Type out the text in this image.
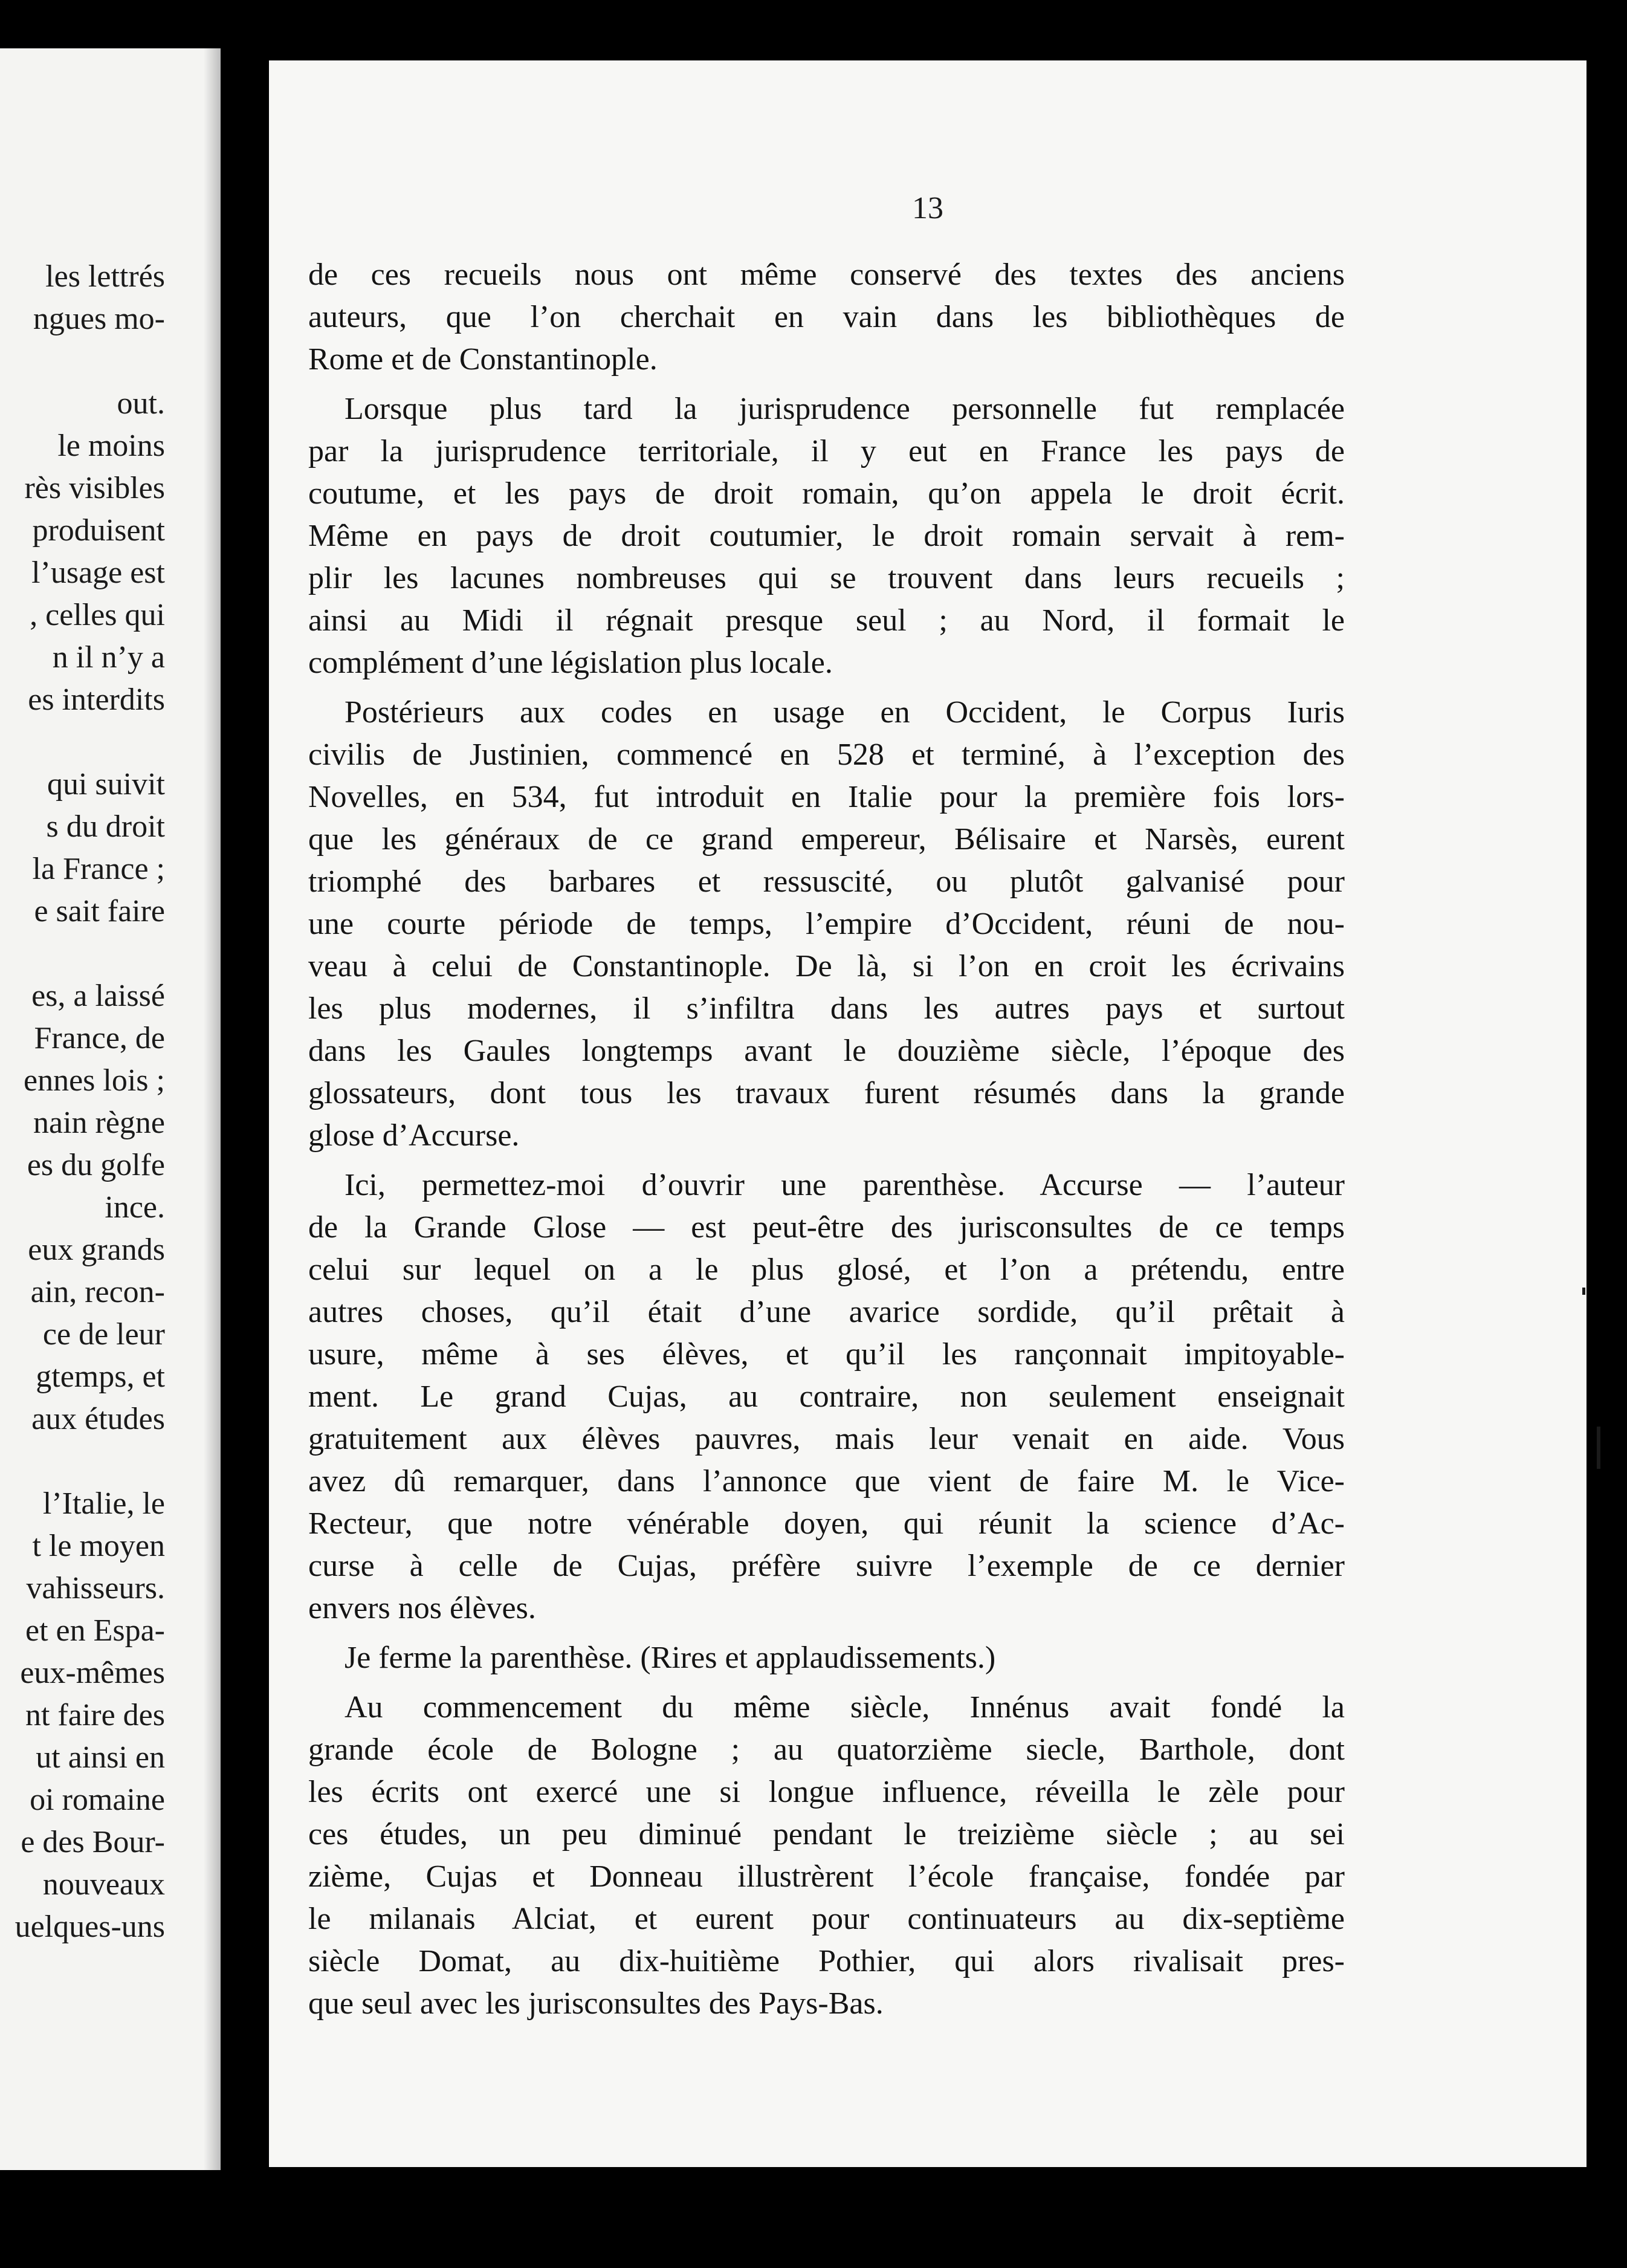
les lettrés
ngues mo-
out.
le moins
rès visibles
produisent
l’usage est
, celles qui
n il n’y a
es interdits
qui suivit
s du droit
la France ;
e sait faire
es, a laissé
France, de
ennes lois ;
nain règne
es du golfe
ince.
eux grands
ain, recon-
ce de leur
gtemps, et
aux études
l’Italie, le
t le moyen
vahisseurs.
et en Espa-
eux-mêmes
nt faire des
ut ainsi en
oi romaine
e des Bour-
nouveaux
uelques-uns
13
de ces recueils nous ont même conservé des textes des anciens
auteurs, que l’on cherchait en vain dans les bibliothèques de
Rome et de Constantinople.
Lorsque plus tard la jurisprudence personnelle fut remplacée
par la jurisprudence territoriale, il y eut en France les pays de
coutume, et les pays de droit romain, qu’on appela le droit écrit.
Même en pays de droit coutumier, le droit romain servait à rem-
plir les lacunes nombreuses qui se trouvent dans leurs recueils ;
ainsi au Midi il régnait presque seul ; au Nord, il formait le
complément d’une législation plus locale.
Postérieurs aux codes en usage en Occident, le Corpus Iuris
civilis de Justinien, commencé en 528 et terminé, à l’exception des
Novelles, en 534, fut introduit en Italie pour la première fois lors-
que les généraux de ce grand empereur, Bélisaire et Narsès, eurent
triomphé des barbares et ressuscité, ou plutôt galvanisé pour
une courte période de temps, l’empire d’Occident, réuni de nou-
veau à celui de Constantinople. De là, si l’on en croit les écrivains
les plus modernes, il s’infiltra dans les autres pays et surtout
dans les Gaules longtemps avant le douzième siècle, l’époque des
glossateurs, dont tous les travaux furent résumés dans la grande
glose d’Accurse.
Ici, permettez-moi d’ouvrir une parenthèse. Accurse — l’auteur
de la Grande Glose — est peut-être des jurisconsultes de ce temps
celui sur lequel on a le plus glosé, et l’on a prétendu, entre
autres choses, qu’il était d’une avarice sordide, qu’il prêtait à
usure, même à ses élèves, et qu’il les rançonnait impitoyable-
ment. Le grand Cujas, au contraire, non seulement enseignait
gratuitement aux élèves pauvres, mais leur venait en aide. Vous
avez dû remarquer, dans l’annonce que vient de faire M. le Vice-
Recteur, que notre vénérable doyen, qui réunit la science d’Ac-
curse à celle de Cujas, préfère suivre l’exemple de ce dernier
envers nos élèves.
Je ferme la parenthèse. (Rires et applaudissements.)
Au commencement du même siècle, Innénus avait fondé la
grande école de Bologne ; au quatorzième siecle, Barthole, dont
les écrits ont exercé une si longue influence, réveilla le zèle pour
ces études, un peu diminué pendant le treizième siècle ; au sei
zième, Cujas et Donneau illustrèrent l’école française, fondée par
le milanais Alciat, et eurent pour continuateurs au dix-septième
siècle Domat, au dix-huitième Pothier, qui alors rivalisait pres-
que seul avec les jurisconsultes des Pays-Bas.
